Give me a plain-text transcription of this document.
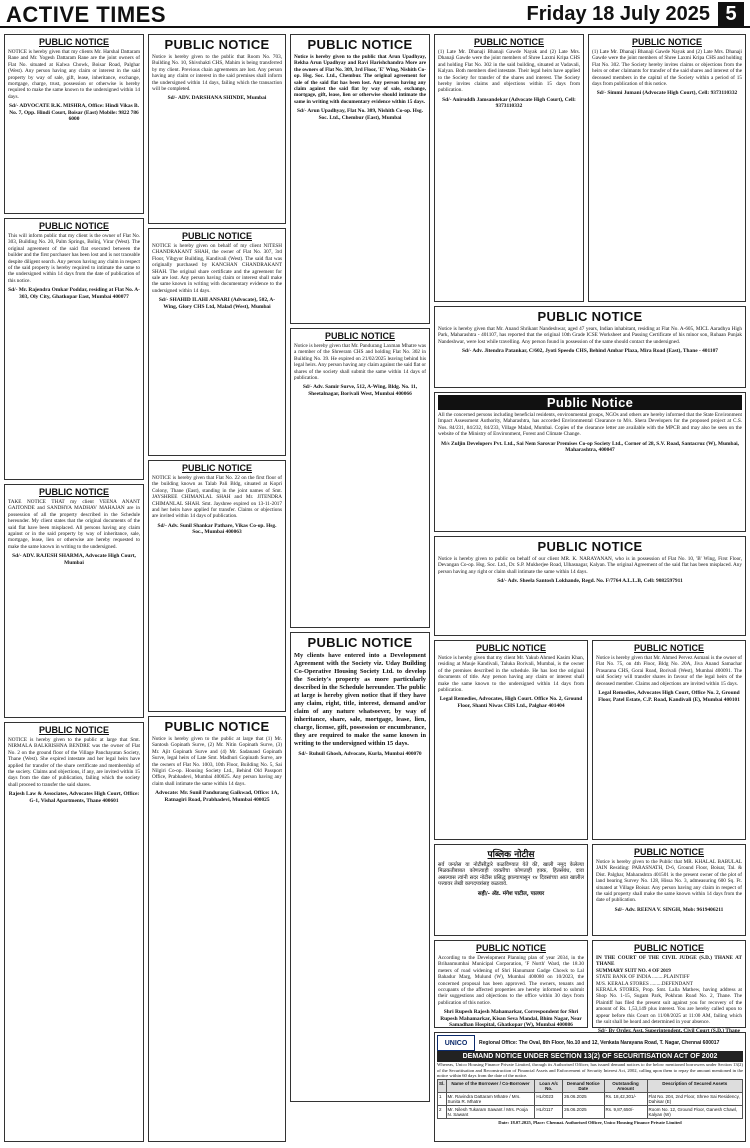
ACTIVE TIMES	Friday 18 July 2025 5
PUBLIC NOTICE
NOTICE is hereby given that my clients Mr. Harshal Dattaram Rane and Mr. Yogesh Dattaram Rane are the joint owners of Flat No. situated at Kalwa Chowk, Boisar Road, Palghar (West). Any person having any claim or interest in the said property by way of sale, gift, lease, inheritance, exchange, mortgage, charge, trust, possession or otherwise is hereby required to make the same known to the undersigned within 14 days.
Sd/- ADVOCATE R.K. MISHRA, Office: Hindi Vikas B. No. 7, Opp. Hindi Court, Boisar (East) Mobile: 9822 786 6000
PUBLIC NOTICE
This will inform public that my client is the owner of Flat No. 303, Building No. 20, Palm Springs, Bolinj, Virar (West). The original agreement of the said flat executed between the builder and the first purchaser has been lost and is not traceable despite diligent search. Any person having any claim in respect of the said property is hereby required to intimate the same to the undersigned within 14 days from the date of publication of this notice.
Sd/- Mr. Rajendra Omkar Poddar, residing at Flat No. A-303, Oly City, Ghatkopar East, Mumbai 400077
PUBLIC NOTICE
TAKE NOTICE THAT my client VEENA ANANT GAITONDE and SANDHYA MADHAV MAHAJAN are in possession of all the property described in the Schedule hereunder. My client states that the original documents of the said flat have been misplaced. All persons having any claim against or in the said property by way of inheritance, sale, mortgage, lease, lien or otherwise are hereby requested to make the same known in writing to the undersigned.
Sd/- ADV. RAJESH SHARMA, Advocate High Court, Mumbai
PUBLIC NOTICE
NOTICE is hereby given to the public at large that Smt. NIRMALA BALKRISHNA BENDRE was the owner of Flat No. 2 on the ground floor of the Village Panchayatan Society, Thane (West). She expired intestate and her legal heirs have applied for transfer of the share certificate and membership of the society. Claims and objections, if any, are invited within 15 days from the date of publication, failing which the society shall proceed to transfer the said shares.
Rajesh Law & Associates, Advocates High Court, Office: G-1, Vishal Apartments, Thane 400601
PUBLIC NOTICE
Notice is hereby given to the public that Room No. 703, Building No. 10, Shivshakti CHS, Mahim is being transferred by my client. Previous chain agreements are lost. Any person having any claim or interest in the said premises shall inform the undersigned within 14 days, failing which the transaction will be completed.
Sd/- ADV. DARSHANA SHINDE, Mumbai
PUBLIC NOTICE
NOTICE is hereby given on behalf of my client NITESH CHANDRAKANT SHAH, the owner of Flat No. 307, 3rd Floor, Vibgyor Building, Kandivali (West). The said flat was originally purchased by KANCHAN CHANDRAKANT SHAH. The original share certificate and the agreement for sale are lost. Any person having claim or interest shall make the same known in writing with documentary evidence to the undersigned within 14 days.
Sd/- SHAHID ILAHI ANSARI (Advocate), 502, A-Wing, Glory CHS Ltd, Malad (West), Mumbai
PUBLIC NOTICE
NOTICE is hereby given that Flat No. 22 on the first floor of the building known as Talab Pali Bldg, situated at Kopri Colony, Thane (East), standing in the joint names of Smt. JAYSHREE CHIMANLAL SHAH and Mr. JITENDRA CHIMANLAL SHAH. Smt. Jayshree expired on 13-11-2017 and her heirs have applied for transfer. Claims or objections are invited within 14 days of publication.
Sd/- Adv. Sunil Shankar Pathare, Vikas Co-op. Hsg. Soc., Mumbai 400063
PUBLIC NOTICE
Notice is hereby given to the public at large that (1) Mr. Santosh Gopinath Surve, (2) Mr. Nitin Gopinath Surve, (3) Mr. Ajit Gopinath Surve and (4) Mr. Sadanand Gopinath Surve, legal heirs of Late Smt. Madhuri Gopinath Surve, are the owners of Flat No. 1003, 10th Floor, Building No. 5, Sai Nilgiri Co-op. Housing Society Ltd., Behind Old Passport Office, Prabhadevi, Mumbai 400025. Any person having any claim shall intimate the same within 14 days.
Advocate: Mr. Sunil Pandurang Gaikwad, Office: 1A, Ratnagiri Road, Prabhadevi, Mumbai 400025
PUBLIC NOTICE
Notice is hereby given to the public that Arun Upadhyay, Rekha Arun Upadhyay and Ravi Harishchandra More are the owners of Flat No. 309, 3rd Floor, 'E' Wing, Nishith Co-op. Hsg. Soc. Ltd., Chembur. The original agreement for sale of the said flat has been lost. Any person having any claim against the said flat by way of sale, exchange, mortgage, gift, lease, lien or otherwise should intimate the same in writing with documentary evidence within 15 days.
Sd/- Arun Upadhyay, Flat No. 309, Nishith Co-op. Hsg. Soc. Ltd., Chembur (East), Mumbai
PUBLIC NOTICE
Notice is hereby given that Mr. Pandurang Laxman Mhatre was a member of the Shreeram CHS and holding Flat No. 302 in Building No. 39. He expired on 21/02/2025 leaving behind his legal heirs. Any person having any claim against the said flat or shares of the society shall submit the same within 14 days of publication.
Sd/- Adv. Samir Surve, 512, A-Wing, Bldg. No. 11, Sheetalnagar, Borivali West, Mumbai 400066
PUBLIC NOTICE
My clients have entered into a Development Agreement with the Society viz. Uday Building Co-Operative Housing Society Ltd. to develop the Society's property as more particularly described in the Schedule hereunder. The public at large is hereby given notice that if they have any claim, right, title, interest, demand and/or claim of any nature whatsoever, by way of inheritance, share, sale, mortgage, lease, lien, charge, license, gift, possession or encumbrance, they are required to make the same known in writing to the undersigned within 15 days.
Sd/- Ruhuil Ghosh, Advocate, Kurla, Mumbai 400070
PUBLIC NOTICE
(1) Late Mr. Dhanaji Bhanaji Gawde Nayak and (2) Late Mrs. Dhanaji Gawde were the joint members of Shree Laxmi Kripa CHS and holding Flat No. 302 in the said building, situated at Vadavali, Kalyan. Both members died intestate. Their legal heirs have applied to the Society for transfer of the shares and interest. The Society hereby invites claims and objections within 15 days from publication.
Sd/- Aniruddh Jamsandekar (Advocate High Court), Cell: 9373110332
PUBLIC NOTICE
(1) Late Mr. Dhanaji Bhanaji Gawde Nayak and (2) Late Mrs. Dhanaji Gawde were the joint members of Shree Laxmi Kripa CHS and holding Flat No. 302. The Society hereby invites claims or objections from the heirs or other claimants for transfer of the said shares and interest of the deceased members in the capital of the Society within a period of 15 days from publication of this notice.
Sd/- Simmi Jumani (Advocate High Court), Cell: 9373110332
PUBLIC NOTICE
Notice is hereby given that Mr. Anand Shrikant Nandeshwar, aged 47 years, Indian inhabitant, residing at Flat No. A-605, MICL Aaradhya High Park, Maharashtra - 401107, has reported that the original 10th Grade ICSE Worksheet and Passing Certificate of his minor son, Ruhaan Punjak Nandeshwar, were lost while travelling. Any person found in possession of the same should contact the undersigned.
Sd/- Adv. Jitendra Patankar, C/602, Jyoti Speedo CHS, Behind Ambar Plaza, Mira Road (East), Thane - 401107
Public Notice
All the concerned persons including beneficial residents, environmental groups, NGOs and others are hereby informed that the State Environment Impact Assessment Authority, Maharashtra, has accorded Environmental Clearance to M/s. Shera Developers for the proposed project at C.S. Nos. 84/231, 84/232, 84/233, Village Malad, Mumbai. Copies of the clearance letter are available with the MPCB and may also be seen on the website of the Ministry of Environment, Forest and Climate Change.
M/s Zuljin Developers Pvt. Ltd., Sai Nem Sarovar Premises Co-op Society Ltd., Corner of 28, S.V. Road, Santacruz (W), Mumbai, Maharashtra, 400047
PUBLIC NOTICE
Notice is hereby given to public on behalf of our client MR. K. NARAYANAN, who is in possession of Flat No. 10, 'B' Wing, First Floor, Devangan Co-op. Hsg. Soc. Ltd., Dr. S.P. Mukherjee Road, Ulhasnagar, Kalyan. The original Agreement of the said flat has been misplaced. Any person having any right or claim shall intimate the same within 14 days.
Sd/- Adv. Sheela Santosh Lokhande, Regd. No. F/7764 A.L.L.B, Cell: 9082597911
PUBLIC NOTICE
Notice is hereby given that my client Mr. Yakub Ahmed Kasim Khan, residing at Mauje Kandivali, Taluka Borivali, Mumbai, is the owner of the premises described in the schedule. He has lost the original documents of title. Any person having any claim or interest shall make the same known to the undersigned within 14 days from publication.
Legal Remedies, Advocates, High Court. Office No. 2, Ground Floor, Shanti Niwas CHS Ltd., Palghar 401404
PUBLIC NOTICE
Notice is hereby given that Mr. Ahmed Pervez Asmani is the owner of Flat No. 75, on 4th Floor, Bldg No. 20A, Jiva Anand Samachar Prasarana CHS, Gorai Road, Borivali (West), Mumbai 400091. The said Society will transfer shares in favour of the legal heirs of the deceased member. Claims and objections are invited within 15 days.
Legal Remedies, Advocates High Court, Office No. 2, Ground Floor, Patel Estate, C.P. Road, Kandivali (E), Mumbai 400101
पब्लिक नोटीस
सर्व जनतेस या नोटीसीद्वारे कळविण्यात येते की, खाली नमूद केलेल्या मिळकतीबाबत कोणत्याही व्यक्तीचा कोणताही हक्क, हितसंबंध, दावा असल्यास त्यांनी सदर नोटीस प्रसिद्ध झाल्यापासून १४ दिवसांच्या आत खालील पत्त्यावर लेखी कागदपत्रांसह कळवावे.
सही/- अ‍ॅड. मंगेश पाटील, पालघर
PUBLIC NOTICE
Notice is hereby given to the Public that MR. KHALAL BABULAL JAIN Residing: PARASNATH, D-6, Ground Floor, Boisar, Tal. & Dist. Palghar, Maharashtra 401501 is the present owner of the plot of land bearing Survey No. 128, Hissa No. 3, admeasuring 600 Sq. Ft. situated at Village Boisar. Any person having any claim in respect of the said property shall make the same known within 14 days from the date of publication.
Sd/- Adv. REENA V. SINGH, Mob: 9619406211
PUBLIC NOTICE
According to the Development Planning plan of year 2034, in the Brihanmumbai Municipal Corporation, 'F North' Ward, the 18.30 meters of road widening of Shri Hanumant Gadge Chowk to Lal Bahadur Marg, Mulund (W), Mumbai 400080 on 10/2023, the concerned proposal has been approved. The owners, tenants and occupants of the affected properties are hereby informed to submit their suggestions and objections to the office within 30 days from publication of this notice.
Shri Rupesh Rajesh Mahamarkar, Correspondent for Shri Rupesh Mahamarkar, Kisan Seva Mandal, Bhim Nagar, Near Samadhan Hospital, Ghatkopar (W), Mumbai 400086
PUBLIC NOTICE
IN THE COURT OF THE CIVIL JUDGE (S.D.) THANE AT THANE
SUMMARY SUIT NO. 4 OF 2019
STATE BANK OF INDIA .........PLAINTIFF
M/S. KERALA STORES .........DEFENDANT
KERALA STORES, Prop. Smt. Lalla Mathew, having address at Shop No. 1-15, Sugam Park, Pokhran Road No. 2, Thane. The Plaintiff has filed the present suit against you for recovery of the amount of Rs. 1,53,149 plus interest. You are hereby called upon to appear before this Court on 11/08/2025 at 11:00 AM, failing which the suit shall be heard and determined in your absence.
UNICO	Regional Office: The Oval, 8th Floor, No.10 and 12, Venkata Narayana Road, T. Nagar, Chennai 600017
DEMAND NOTICE UNDER SECTION 13(2) OF SECURITISATION ACT OF 2002
Whereas, Unico Housing Finance Private Limited, through its Authorised Officer, has issued demand notices to the below mentioned borrowers under Section 13(2) of the Securitisation and Reconstruction of Financial Assets and Enforcement of Security Interest Act, 2002, calling upon them to repay the amount mentioned in the notice within 60 days from the date of the notice.
Sl.	Name of the Borrower / Co-Borrower	Loan A/c No.	Demand Notice Date	Outstanding Amount	Description of Secured Assets
1	Mr. Ravindra Dattaram Mhatre / Mrs. Sunita R. Mhatre	HL/0023	26.06.2025	Rs. 18,42,301/-	Flat No. 204, 2nd Floor, Shree Sai Residency, Dahisar (E)
2	Mr. Nilesh Tukaram Sawant / Mrs. Pooja N. Sawant	HL/0117	26.06.2025	Rs. 9,87,650/-	Room No. 12, Ground Floor, Ganesh Chawl, Kalyan (W)
Date: 18.07.2025, Place: Chennai. Authorised Officer, Unico Housing Finance Private Limited
